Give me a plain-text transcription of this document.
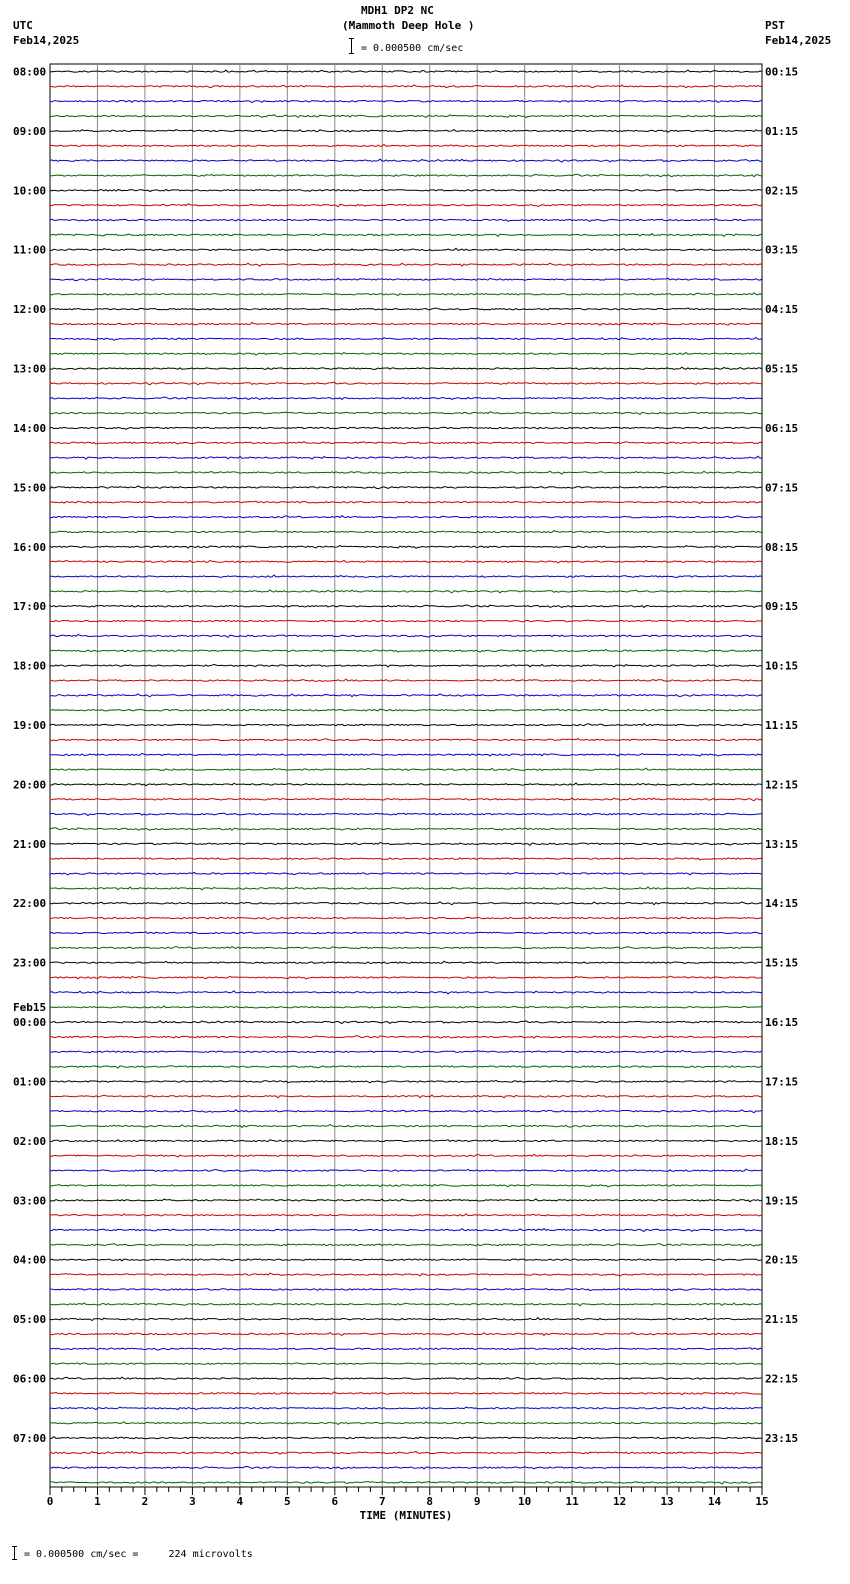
MDH1 DP2 NC
(Mammoth Deep Hole )
= 0.000500 cm/sec
UTC
Feb14,2025
PST
Feb14,2025
08:00	00:15
09:00	01:15
10:00	02:15
11:00	03:15
12:00	04:15
13:00	05:15
14:00	06:15
15:00	07:15
16:00	08:15
17:00	09:15
18:00	10:15
19:00	11:15
20:00	12:15
21:00	13:15
22:00	14:15
23:00	15:15
00:00	16:15
01:00	17:15
02:00	18:15
03:00	19:15
04:00	20:15
05:00	21:15
06:00	22:15
07:00	23:15
Feb15
0	1	2	3	4	5	6	7	8	9	10	11	12	13	14	15
TIME (MINUTES)
= 0.000500 cm/sec =     224 microvolts
